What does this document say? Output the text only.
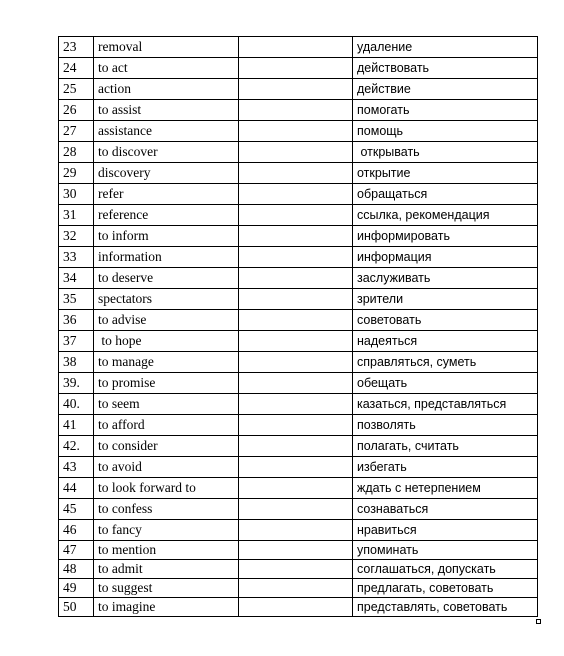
23	removal		удаление
24	to act		действовать
25	action		действие
26	to assist		помогать
27	assistance		помощь
28	to discover		открывать
29	discovery		открытие
30	refer		обращаться
31	reference		ссылка, рекомендация
32	to inform		информировать
33	information		информация
34	to deserve		заслуживать
35	spectators		зрители
36	to advise		советовать
37	to hope		надеяться
38	to manage		справляться, суметь
39.	to promise		обещать
40.	to seem		казаться, представляться
41	to afford		позволять
42.	to consider		полагать, считать
43	to avoid		избегать
44	to look forward to		ждать с нетерпением
45	to confess		сознаваться
46	to fancy		нравиться
47	to mention		упоминать
48	to admit		соглашаться, допускать
49	to suggest		предлагать, советовать
50	to imagine		представлять, советовать
